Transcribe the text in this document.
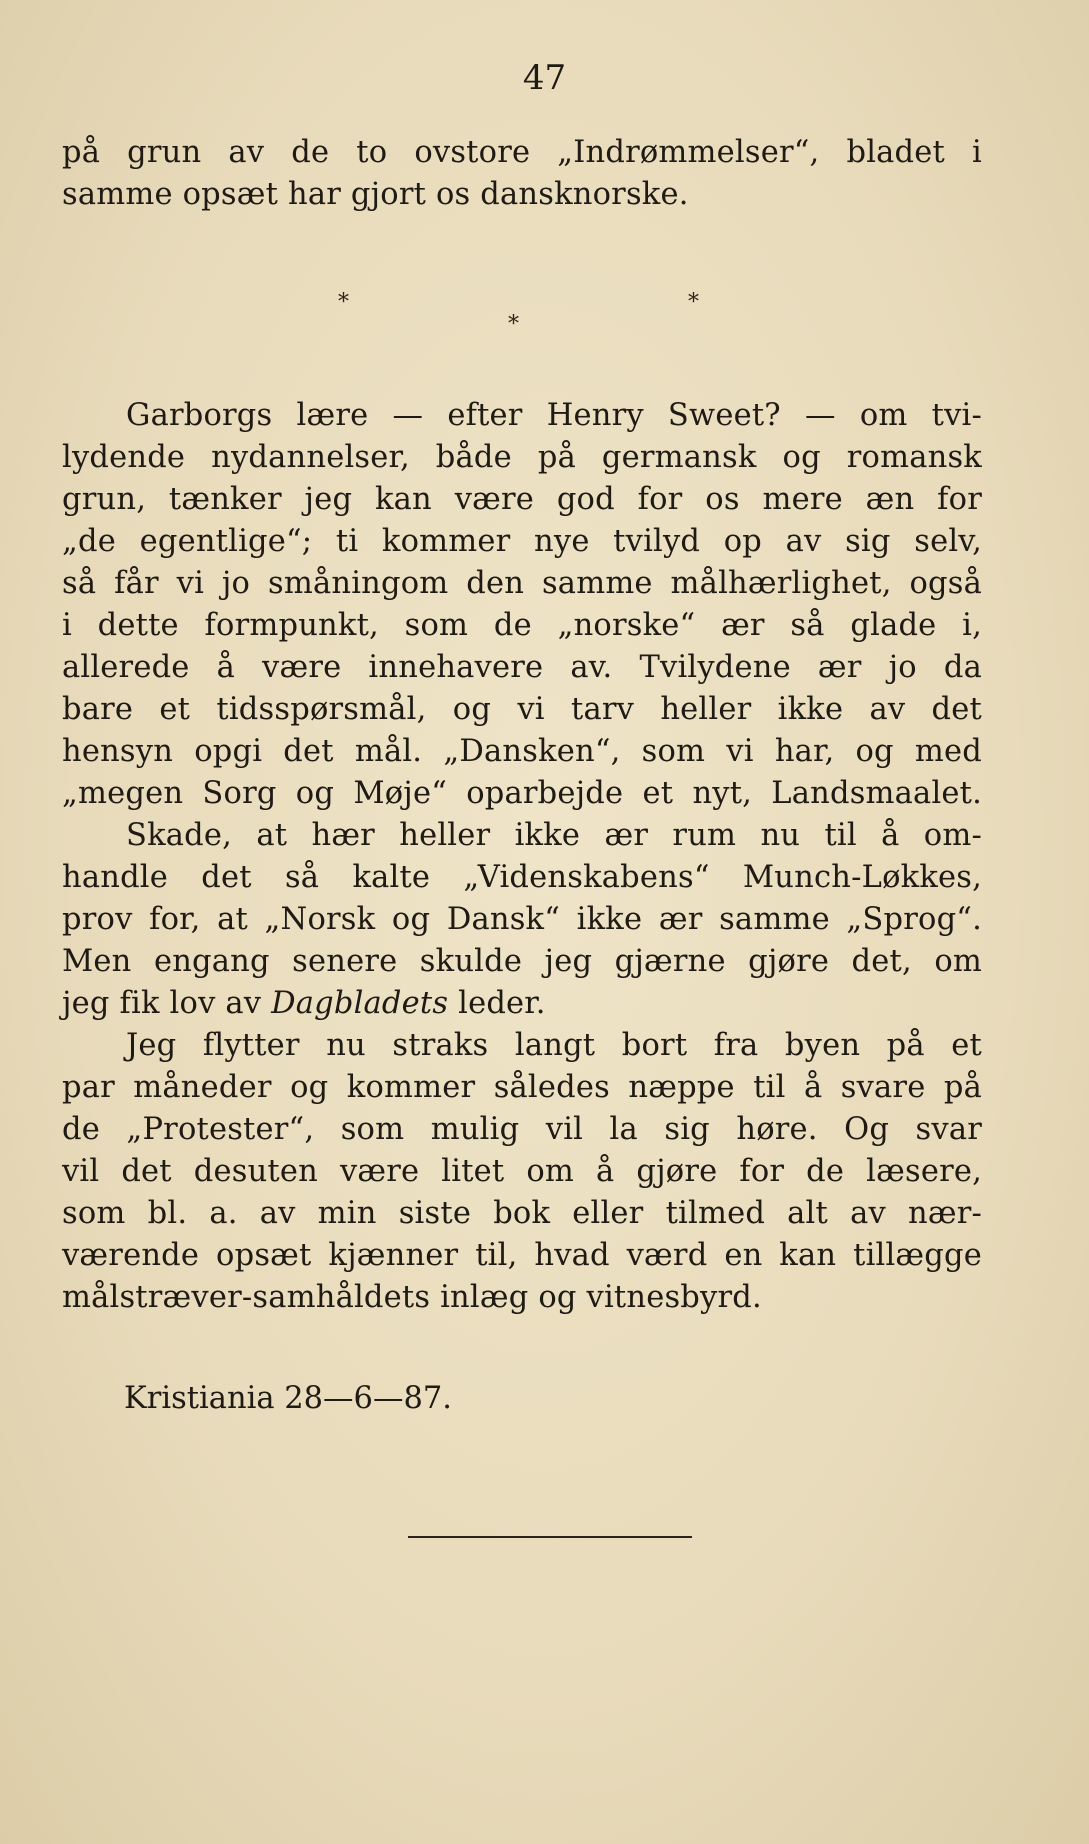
47
på grun av de to ovstore „Indrømmelser“, bladet i
samme opsæt har gjort os dansknorske.
*
*
*
Garborgs lære — efter Henry Sweet? — om tvi-
lydende nydannelser, både på germansk og romansk
grun, tænker jeg kan være god for os mere æn for
„de egentlige“; ti kommer nye tvilyd op av sig selv,
så får vi jo småningom den samme målhærlighet, også
i dette formpunkt, som de „norske“ ær så glade i,
allerede å være innehavere av. Tvilydene ær jo da
bare et tidsspørsmål, og vi tarv heller ikke av det
hensyn opgi det mål. „Dansken“, som vi har, og med
„megen Sorg og Møje“ oparbejde et nyt, Landsmaalet.
Skade, at hær heller ikke ær rum nu til å om-
handle det så kalte „Videnskabens“ Munch-Løkkes,
prov for, at „Norsk og Dansk“ ikke ær samme „Sprog“.
Men engang senere skulde jeg gjærne gjøre det, om
jeg fik lov av Dagbladets leder.
Jeg flytter nu straks langt bort fra byen på et
par måneder og kommer således næppe til å svare på
de „Protester“, som mulig vil la sig høre. Og svar
vil det desuten være litet om å gjøre for de læsere,
som bl. a. av min siste bok eller tilmed alt av nær-
værende opsæt kjænner til, hvad værd en kan tillægge
målstræver-samhåldets inlæg og vitnesbyrd.
Kristiania 28—6—87.
